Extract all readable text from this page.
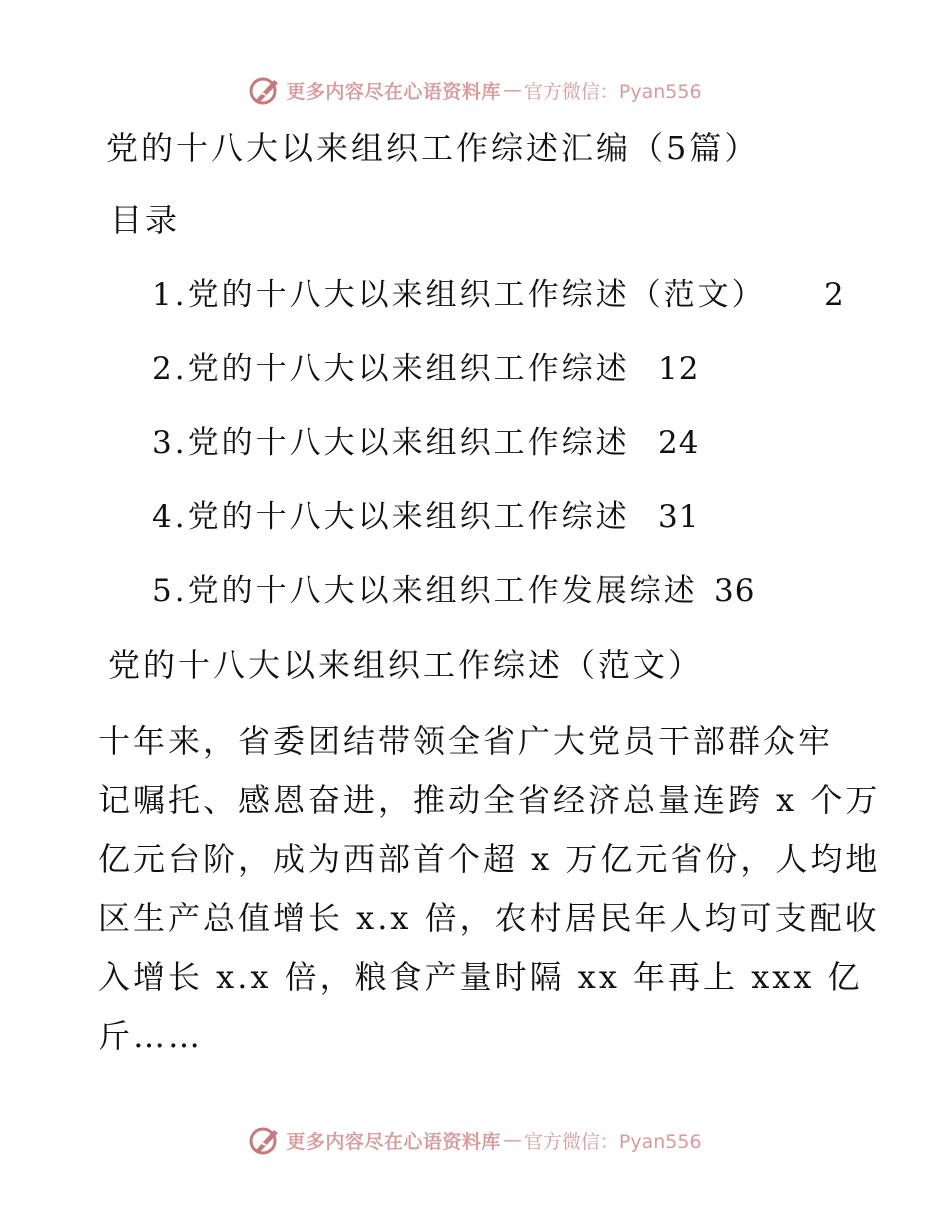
更多内容尽在心语资料库 — 官方微信：Pyan556
党的十八大以来组织工作综述汇编（5篇）
目录
1.党的十八大以来组织工作综述（范文） 2
2.党的十八大以来组织工作综述 12
3.党的十八大以来组织工作综述 24
4.党的十八大以来组织工作综述 31
5.党的十八大以来组织工作发展综述 36
党的十八大以来组织工作综述（范文）
十年来，省委团结带领全省广大党员干部群众牢
记嘱托、感恩奋进，推动全省经济总量连跨 x 个万
亿元台阶，成为西部首个超 x 万亿元省份，人均地
区生产总值增长 x.x 倍，农村居民年人均可支配收
入增长 x.x 倍，粮食产量时隔 xx 年再上 xxx 亿
斤……
更多内容尽在心语资料库 — 官方微信：Pyan556
